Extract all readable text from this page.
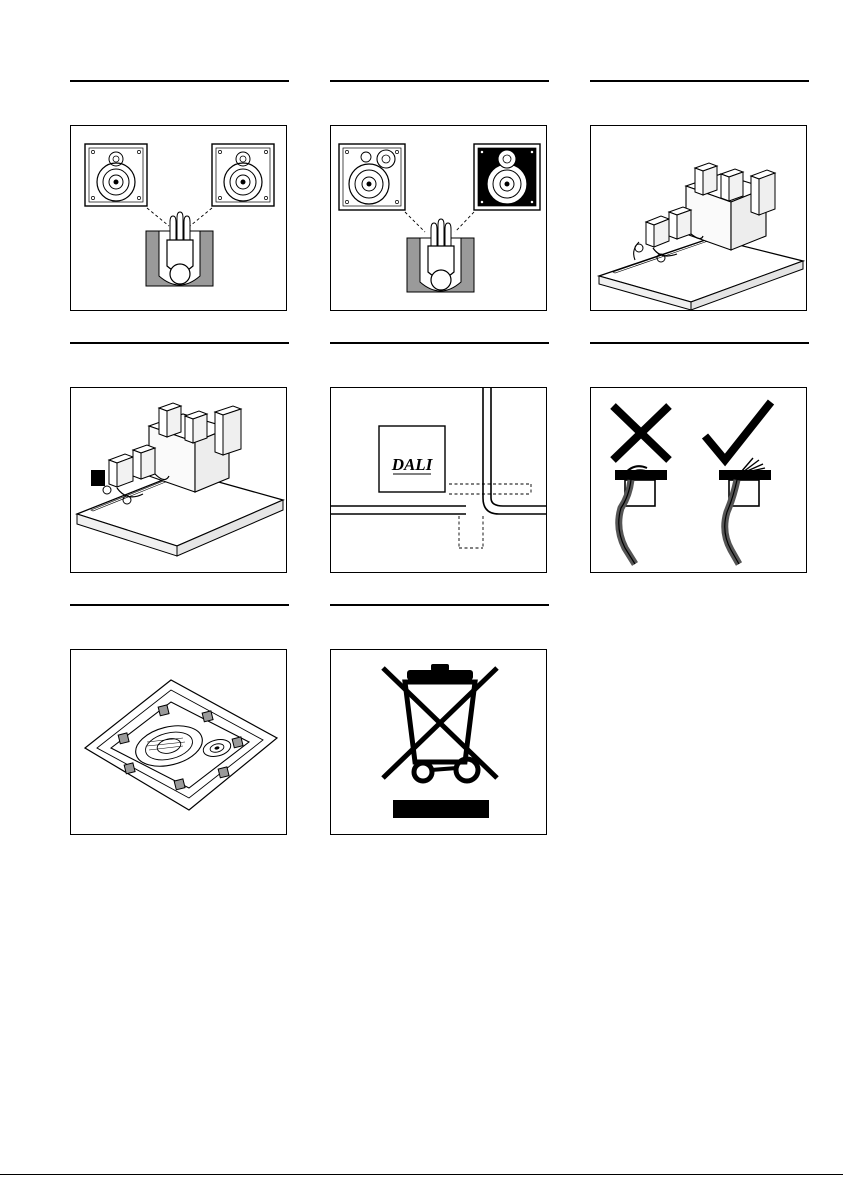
DALI
